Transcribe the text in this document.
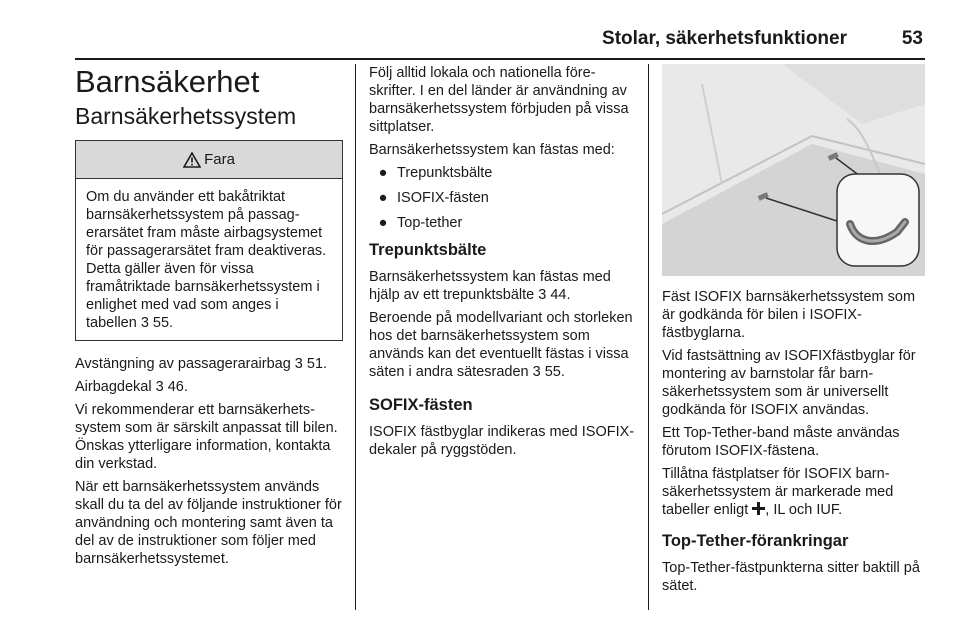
Stolar, säkerhetsfunktioner	53
Barnsäkerhet
Barnsäkerhetssystem
Fara

Om du använder ett bakåtriktat barnsäkerhetssystem på passagerarsätet fram måste airbagsystemet för passagerarsätet fram deaktiveras. Detta gäller även för vissa framåtriktade barnsäkerhetssystem i enlighet med vad som anges i tabellen 3 55.

Avstängning av passagerarairbag 3 51.

Airbagdekal 3 46.

Vi rekommenderar ett barnsäkerhetssystem som är särskilt anpassat till bilen. Önskas ytterligare information, kontakta din verkstad.

När ett barnsäkerhetssystem används skall du ta del av följande instruktioner för användning och montering samt även ta del av de instruktioner som följer med barnsäkerhetssystemet.

Följ alltid lokala och nationella föreskrifter. I en del länder är användning av barnsäkerhetssystem förbjuden på vissa sittplatser.

Barnsäkerhetssystem kan fästas med:

● Trepunktsbälte
● ISOFIX-fästen
● Top-tether
Trepunktsbälte

Barnsäkerhetssystem kan fästas med hjälp av ett trepunktsbälte 3 44.

Beroende på modellvariant och storleken hos det barnsäkerhetssystem som används kan det eventuellt fästas i vissa säten i andra sätesraden 3 55.

SOFIX-fästen

ISOFIX fästbyglar indikeras med ISOFIX-dekaler på ryggstöden.

Fäst ISOFIX barnsäkerhetssystem som är godkända för bilen i ISOFIX-fästbyglarna.

Vid fastsättning av ISOFIXfästbyglar för montering av barnstolar får barnsäkerhetssystem som är universellt godkända för ISOFIX användas.

Ett Top-Tether-band måste användas förutom ISOFIX-fästena.

Tillåtna fästplatser för ISOFIX barnsäkerhetssystem är markerade med tabeller enligt , IL och IUF.

Top-Tether-förankringar

Top-Tether-fästpunkterna sitter baktill på sätet.
